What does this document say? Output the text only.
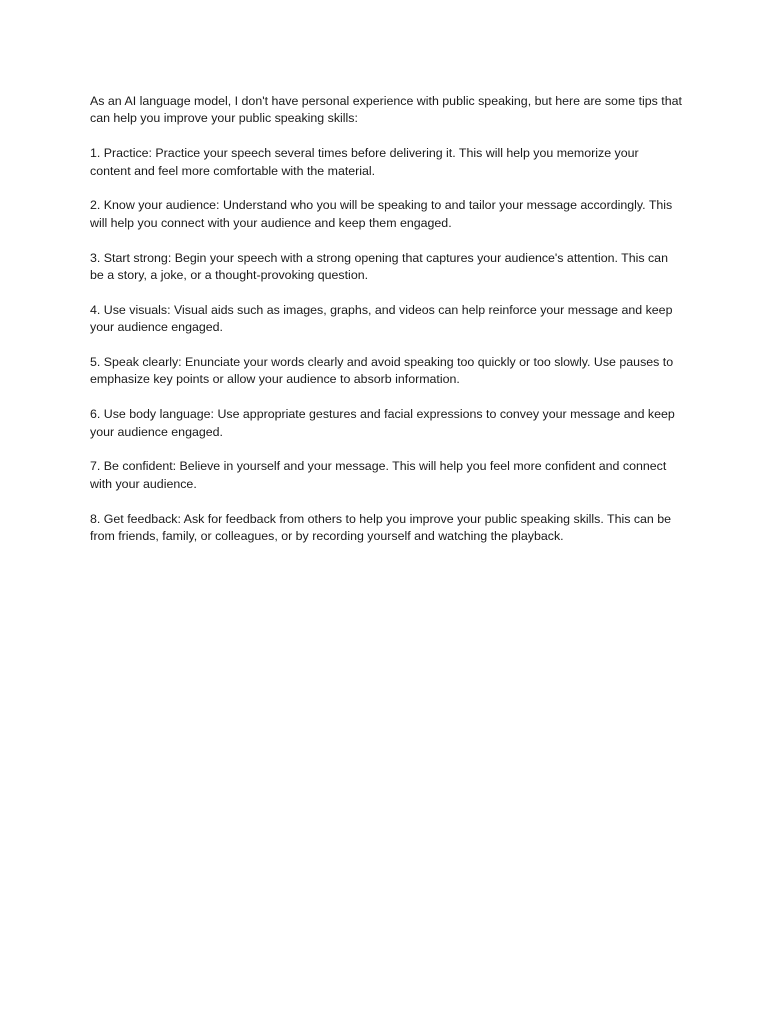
As an AI language model, I don't have personal experience with public speaking, but here are some tips that can help you improve your public speaking skills:

1. Practice: Practice your speech several times before delivering it. This will help you memorize your content and feel more comfortable with the material.

2. Know your audience: Understand who you will be speaking to and tailor your message accordingly. This will help you connect with your audience and keep them engaged.

3. Start strong: Begin your speech with a strong opening that captures your audience's attention. This can be a story, a joke, or a thought-provoking question.

4. Use visuals: Visual aids such as images, graphs, and videos can help reinforce your message and keep your audience engaged.

5. Speak clearly: Enunciate your words clearly and avoid speaking too quickly or too slowly. Use pauses to emphasize key points or allow your audience to absorb information.

6. Use body language: Use appropriate gestures and facial expressions to convey your message and keep your audience engaged.

7. Be confident: Believe in yourself and your message. This will help you feel more confident and connect with your audience.

8. Get feedback: Ask for feedback from others to help you improve your public speaking skills. This can be from friends, family, or colleagues, or by recording yourself and watching the playback.
